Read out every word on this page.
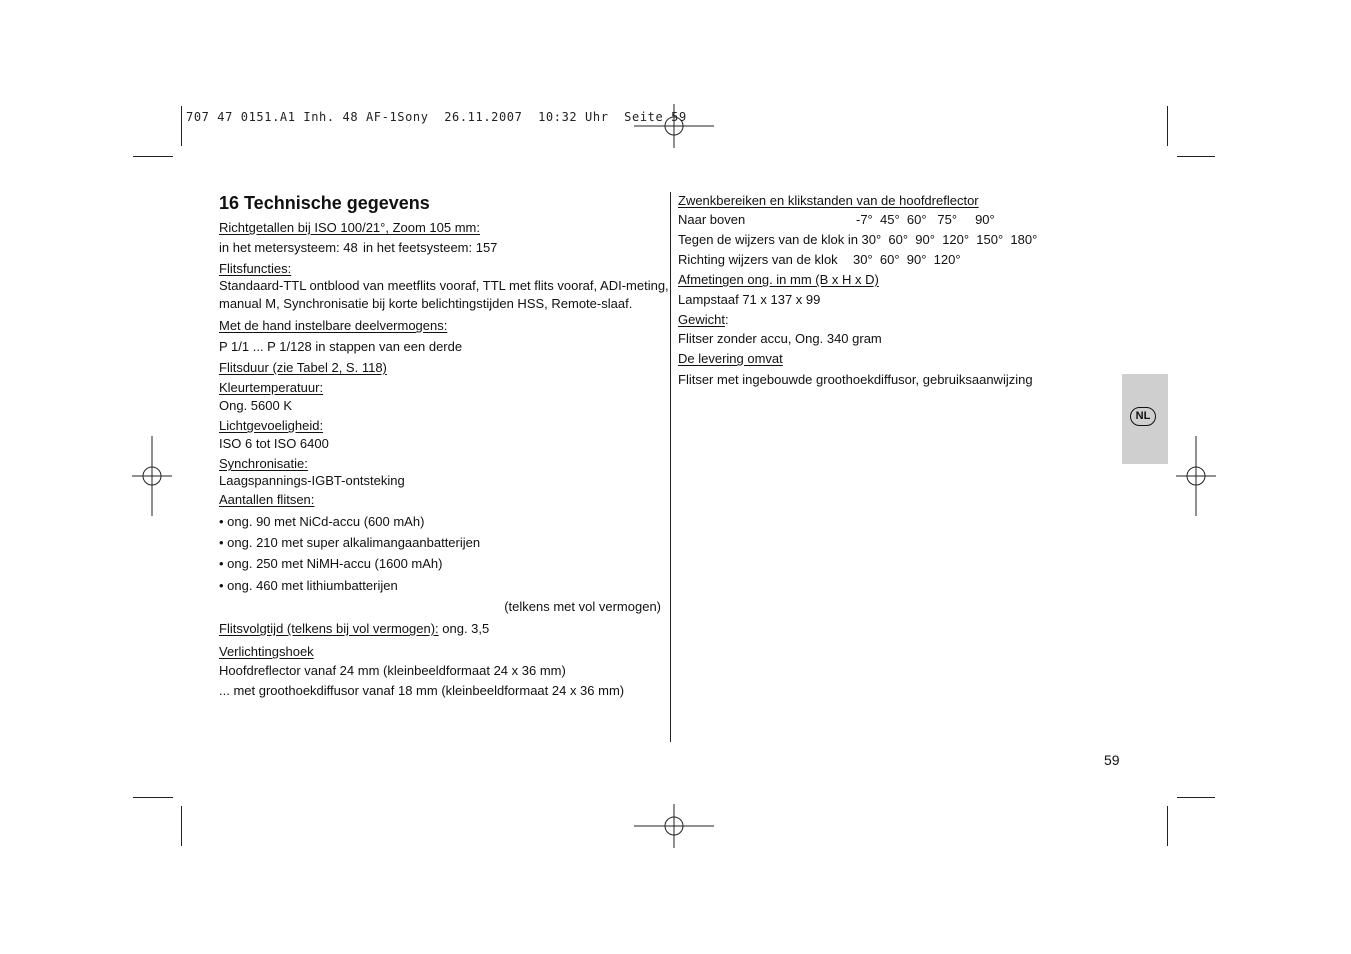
707 47 0151.A1 Inh. 48 AF-1Sony  26.11.2007  10:32 Uhr  Seite 59
16 Technische gegevens
Richtgetallen bij ISO 100/21°, Zoom 105 mm:
in het metersysteem: 48 in het feetsysteem: 157
Flitsfuncties:
Standaard-TTL ontblood van meetflits vooraf, TTL met flits vooraf, ADI-meting,
manual M, Synchronisatie bij korte belichtingstijden HSS, Remote-slaaf.
Met de hand instelbare deelvermogens:
P 1/1 ... P 1/128 in stappen van een derde
Flitsduur (zie Tabel 2, S. 118)
Kleurtemperatuur:
Ong. 5600 K
Lichtgevoeligheid:
ISO 6 tot ISO 6400
Synchronisatie:
Laagspannings-IGBT-ontsteking
Aantallen flitsen:
• ong. 90 met NiCd-accu (600 mAh)
• ong. 210 met super alkalimangaanbatterijen
• ong. 250 met NiMH-accu (1600 mAh)
• ong. 460 met lithiumbatterijen
(telkens met vol vermogen)
Flitsvolgtijd (telkens bij vol vermogen): ong. 3,5
Verlichtingshoek
Hoofdreflector vanaf 24 mm (kleinbeeldformaat 24 x 36 mm)
... met groothoekdiffusor vanaf 18 mm (kleinbeeldformaat 24 x 36 mm)
Zwenkbereiken en klikstanden van de hoofdreflector
Naar boven	-7°  45°  60°   75°     90°
Tegen de wijzers van de klok in 30°  60°  90°  120°  150°  180°
Richting wijzers van de klok 30°  60°  90°  120°
Afmetingen ong. in mm (B x H x D)
Lampstaaf 71 x 137 x 99
Gewicht:
Flitser zonder accu, Ong. 340 gram
De levering omvat
Flitser met ingebouwde groothoekdiffusor, gebruiksaanwijzing
NL
59
